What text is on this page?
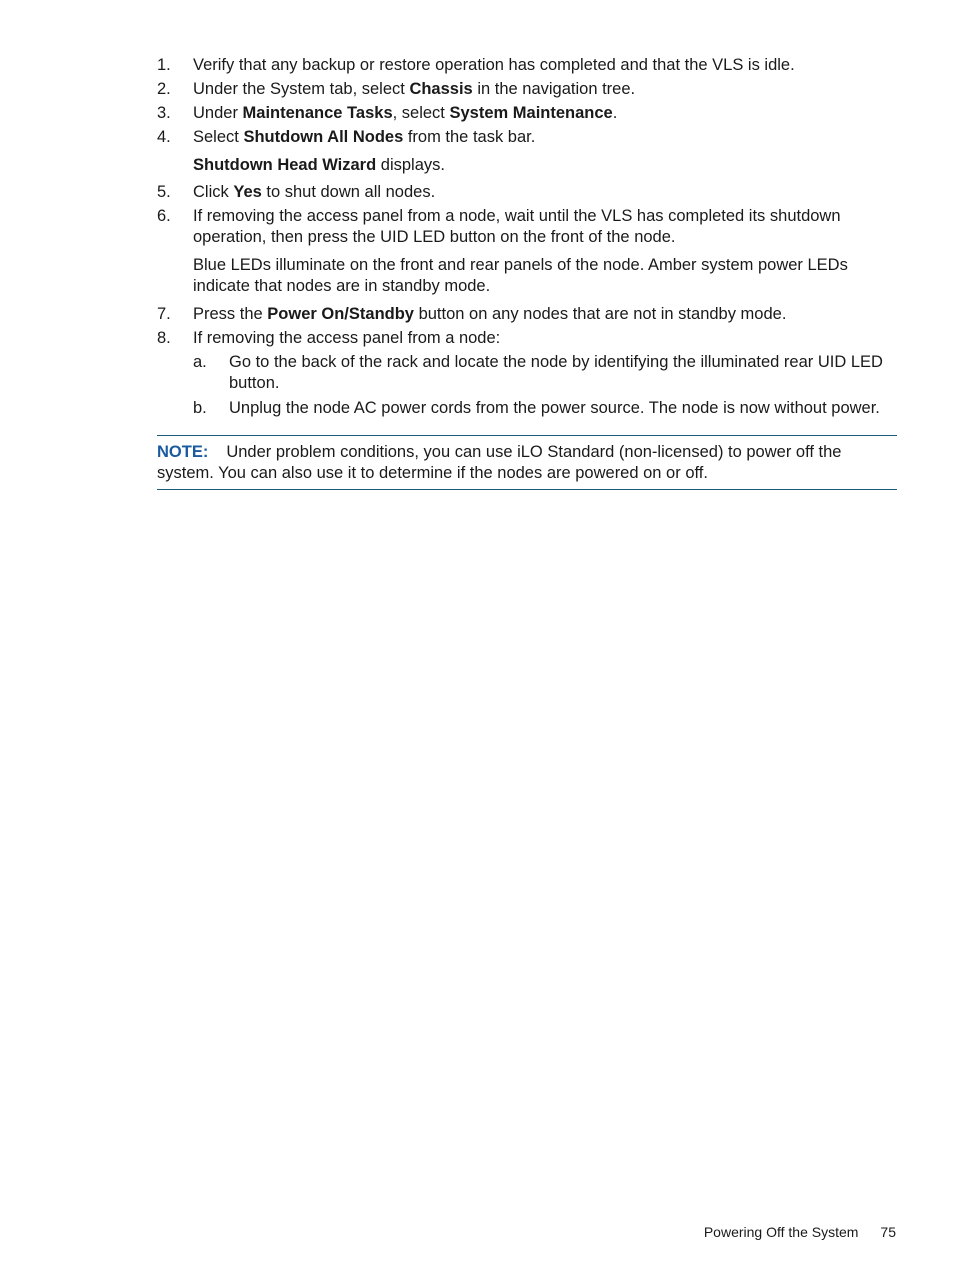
1. Verify that any backup or restore operation has completed and that the VLS is idle.
2. Under the System tab, select Chassis in the navigation tree.
3. Under Maintenance Tasks, select System Maintenance.
4. Select Shutdown All Nodes from the task bar.
Shutdown Head Wizard displays.
5. Click Yes to shut down all nodes.
6. If removing the access panel from a node, wait until the VLS has completed its shutdown operation, then press the UID LED button on the front of the node.
Blue LEDs illuminate on the front and rear panels of the node. Amber system power LEDs indicate that nodes are in standby mode.
7. Press the Power On/Standby button on any nodes that are not in standby mode.
8. If removing the access panel from a node:
a. Go to the back of the rack and locate the node by identifying the illuminated rear UID LED button.
b. Unplug the node AC power cords from the power source. The node is now without power.
NOTE: Under problem conditions, you can use iLO Standard (non-licensed) to power off the system. You can also use it to determine if the nodes are powered on or off.
Powering Off the System 75
